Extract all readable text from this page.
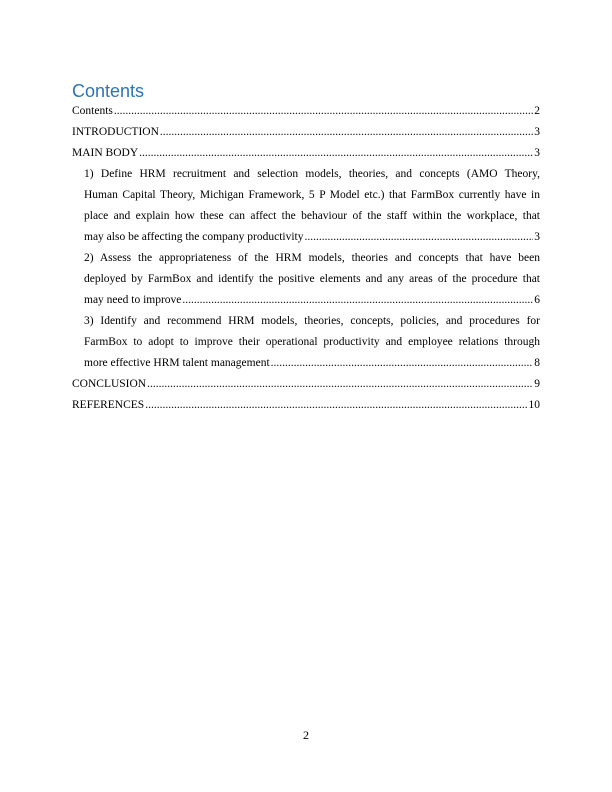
Contents
Contents .....	2
INTRODUCTION .....	3
MAIN BODY .....	3
1) Define HRM recruitment and selection models, theories, and concepts (AMO Theory,
Human Capital Theory, Michigan Framework, 5 P Model etc.) that FarmBox currently have in
place and explain how these can affect the behaviour of the staff within the workplace, that
may also be affecting the company productivity .....	3
2) Assess the appropriateness of the HRM models, theories and concepts that have been
deployed by FarmBox and identify the positive elements and any areas of the procedure that
may need to improve .....	6
3) Identify and recommend HRM models, theories, concepts, policies, and procedures for
FarmBox to adopt to improve their operational productivity and employee relations through
more effective HRM talent management .....	8
CONCLUSION .....	9
REFERENCES .....	10
2
